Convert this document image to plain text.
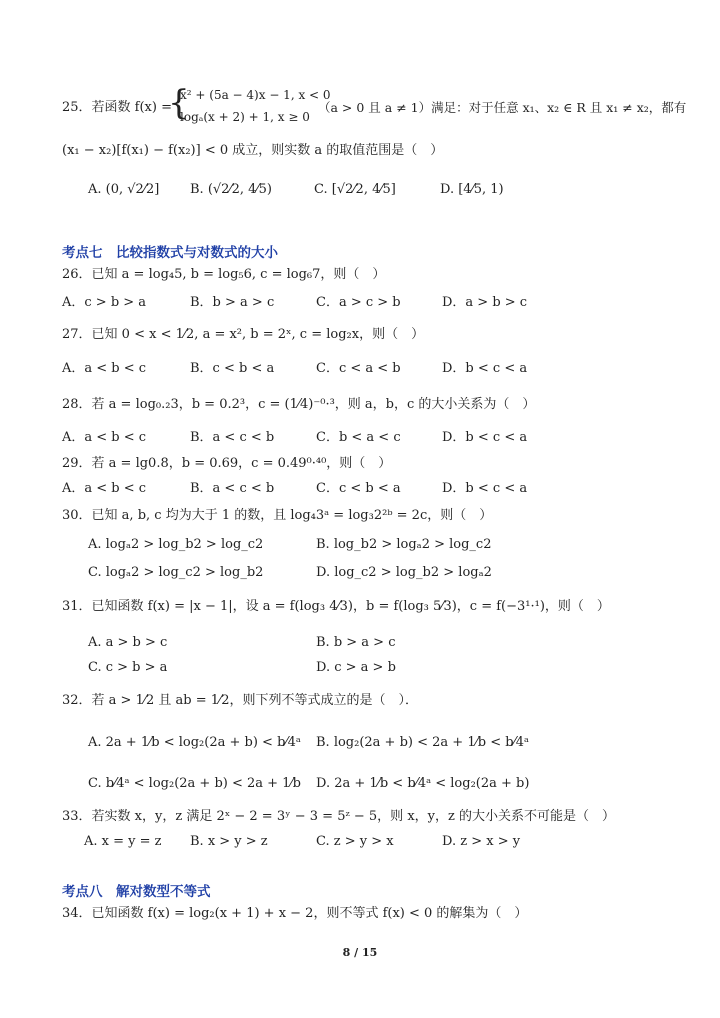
25．若函数 f(x) =
{
x² + (5a − 4)x − 1, x < 0
logₐ(x + 2) + 1, x ≥ 0
（a > 0 且 a ≠ 1）满足：对于任意 x₁、x₂ ∈ R 且 x₁ ≠ x₂，都有
(x₁ − x₂)[f(x₁) − f(x₂)] < 0 成立，则实数 a 的取值范围是（　）
A. (0, √2⁄2] B. (√2⁄2, 4⁄5)	C. [√2⁄2, 4⁄5]	D. [4⁄5, 1)
考点七　比较指数式与对数式的大小
26．已知 a = log₄5, b = log₅6, c = log₆7，则（　）
A．c > b > a	B．b > a > c	C．a > c > b	D．a > b > c
27．已知 0 < x < 1⁄2, a = x², b = 2ˣ, c = log₂x，则（　）
A．a < b < c	B．c < b < a	C．c < a < b	D．b < c < a
28．若 a = log₀.₂3，b = 0.2³，c = (1⁄4)⁻⁰·³，则 a，b，c 的大小关系为（　）
A．a < b < c	B．a < c < b	C．b < a < c	D．b < c < a
29．若 a = lg0.8，b = 0.69，c = 0.49⁰·⁴⁰，则（　）
A．a < b < c	B．a < c < b	C．c < b < a	D．b < c < a
30．已知 a, b, c 均为大于 1 的数，且 log₄3ᵃ = log₃2²ᵇ = 2c，则（　）
A. logₐ2 > log_b2 > log_c2	B. log_b2 > logₐ2 > log_c2
C. logₐ2 > log_c2 > log_b2	D. log_c2 > log_b2 > logₐ2
31．已知函数 f(x) = |x − 1|，设 a = f(log₃ 4⁄3)，b = f(log₃ 5⁄3)，c = f(−3¹·¹)，则（　）
A. a > b > c	B. b > a > c
C. c > b > a	D. c > a > b
32．若 a > 1⁄2 且 ab = 1⁄2，则下列不等式成立的是（　）．
A. 2a + 1⁄b < log₂(2a + b) < b⁄4ᵃ B. log₂(2a + b) < 2a + 1⁄b < b⁄4ᵃ
C. b⁄4ᵃ < log₂(2a + b) < 2a + 1⁄b D. 2a + 1⁄b < b⁄4ᵃ < log₂(2a + b)
33．若实数 x，y，z 满足 2ˣ − 2 = 3ʸ − 3 = 5ᶻ − 5，则 x，y，z 的大小关系不可能是（　）
A. x = y = z B. x > y > z	C. z > y > x	D. z > x > y
考点八　解对数型不等式
34．已知函数 f(x) = log₂(x + 1) + x − 2，则不等式 f(x) < 0 的解集为（　）
8 / 15
